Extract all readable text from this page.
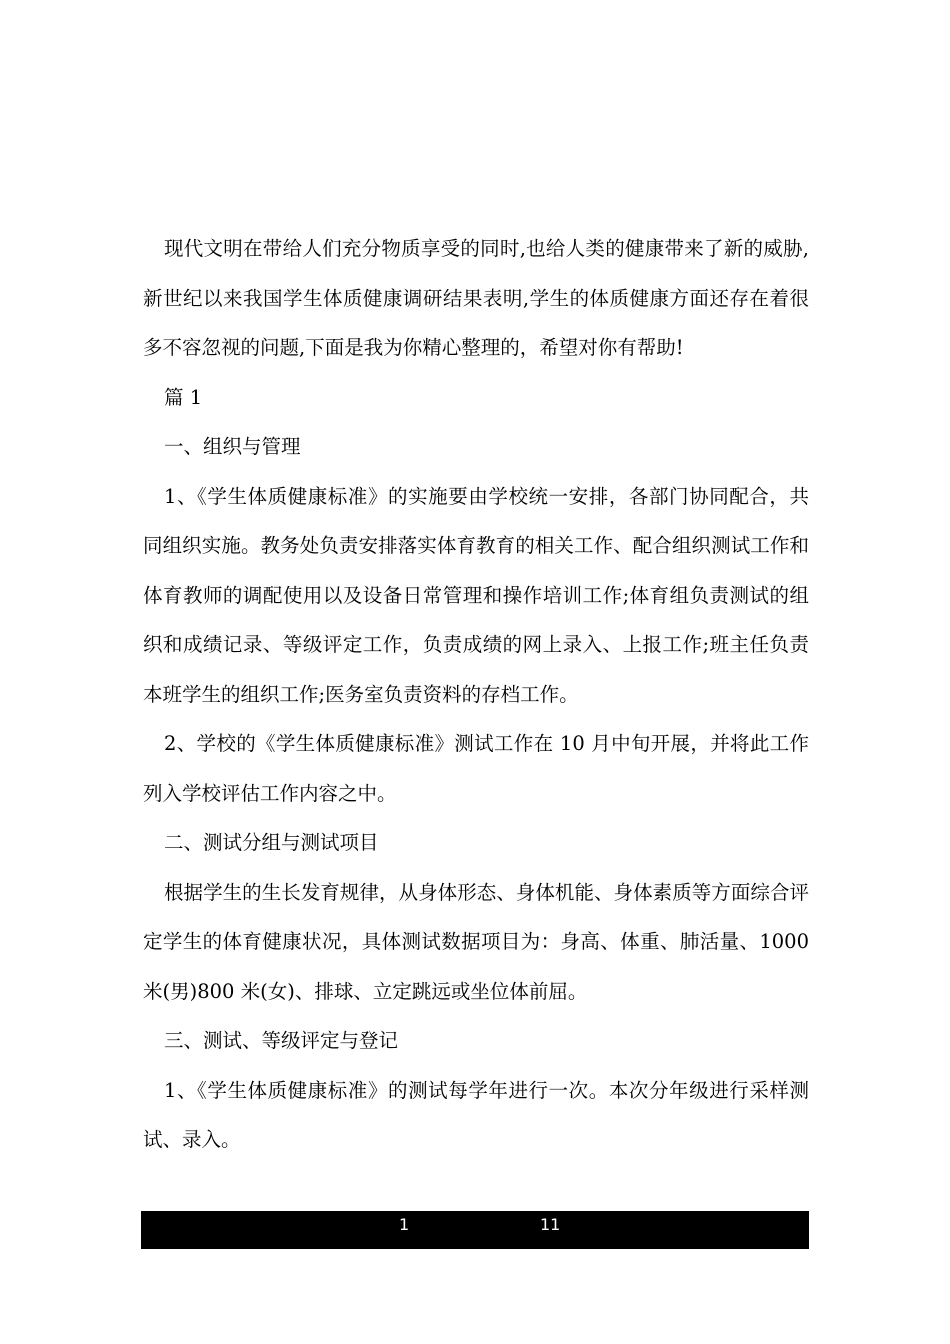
现代文明在带给人们充分物质享受的同时,也给人类的健康带来了新的威胁,新世纪以来我国学生体质健康调研结果表明,学生的体质健康方面还存在着很多不容忽视的问题,下面是我为你精心整理的，希望对你有帮助!

篇 1

一、组织与管理

1、《学生体质健康标准》的实施要由学校统一安排，各部门协同配合，共同组织实施。教务处负责安排落实体育教育的相关工作、配合组织测试工作和体育教师的调配使用以及设备日常管理和操作培训工作;体育组负责测试的组织和成绩记录、等级评定工作，负责成绩的网上录入、上报工作;班主任负责本班学生的组织工作;医务室负责资料的存档工作。

2、学校的《学生体质健康标准》测试工作在 10 月中旬开展，并将此工作列入学校评估工作内容之中。

二、测试分组与测试项目

根据学生的生长发育规律，从身体形态、身体机能、身体素质等方面综合评定学生的体育健康状况，具体测试数据项目为：身高、体重、肺活量、1000 米(男)800 米(女)、排球、立定跳远或坐位体前屈。

三、测试、等级评定与登记

1、《学生体质健康标准》的测试每学年进行一次。本次分年级进行采样测试、录入。

1	11
